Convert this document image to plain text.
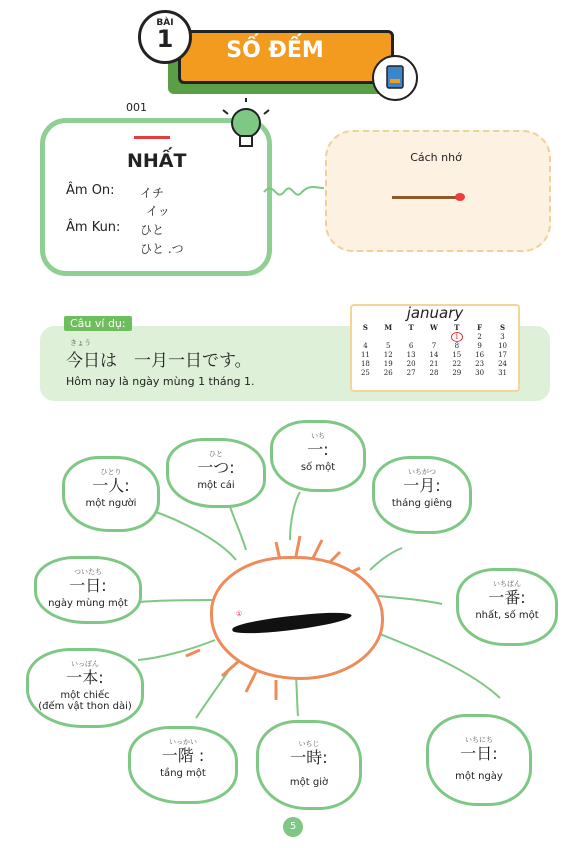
SỐ ĐẾM
BÀI
1
001
NHẤT
Âm On: イチ
イッ
Âm Kun: ひと
ひと .つ
Cách nhớ
Câu ví dụ:
きょう
今日は　一月一日です。
Hôm nay là ngày mùng 1 tháng 1.
january
S	M	T	W	T	F	S
				1	2	3
4	5	6	7	8	9	10
11	12	13	14	15	16	17
18	19	20	21	22	23	24
25	26	27	28	29	30	31
ひとり
一人:
một người
ひと
一つ:
một cái
いち
一:
số một	いちがつ
一月:
tháng giêng
ついたち
一日:
ngày mùng một
いちばん
一番:
nhất, số một
いっぽん
一本:
một chiếc
(đếm vật thon dài)
いっかい
一階 :
tầng một
いちじ
一時:
một giờ
いちにち
一日:
một ngày
①
5
